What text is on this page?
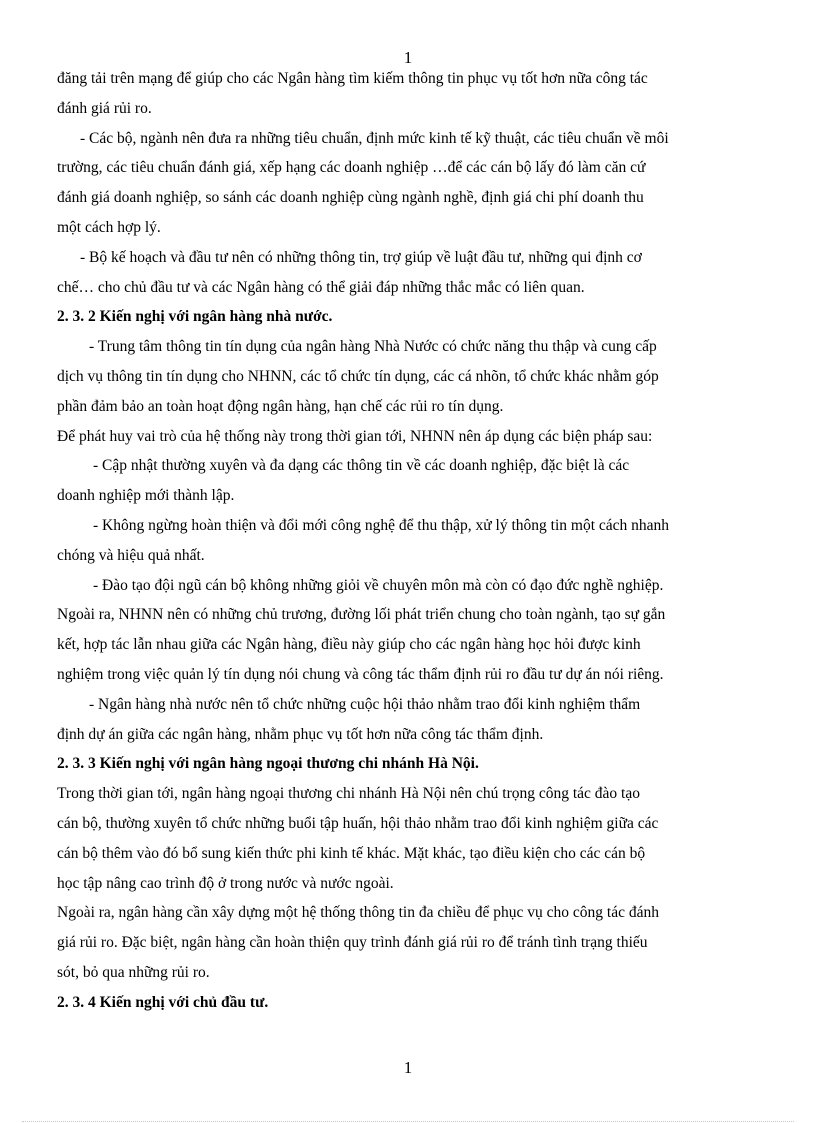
1
đăng tải trên mạng để giúp cho các Ngân hàng tìm kiếm thông tin phục vụ tốt hơn nữa công tác
đánh giá rủi ro.
- Các bộ, ngành nên đưa ra những tiêu chuẩn, định mức kinh tế kỹ thuật, các tiêu chuẩn về môi
trường, các tiêu chuẩn đánh giá, xếp hạng các doanh nghiệp …để các cán bộ lấy đó làm căn cứ
đánh giá doanh nghiệp, so sánh các doanh nghiệp cùng ngành nghề, định giá chi phí doanh thu
một cách hợp lý.
- Bộ kế hoạch và đầu tư nên có những thông tin, trợ giúp về luật đầu tư, những qui định cơ
chế… cho chủ đầu tư và các Ngân hàng có thể giải đáp những thắc mắc có liên quan.
2. 3. 2 Kiến nghị với ngân hàng nhà nước.
- Trung tâm thông tin tín dụng của ngân hàng Nhà Nước có chức năng thu thập và cung cấp
dịch vụ thông tin tín dụng cho NHNN, các tổ chức tín dụng, các cá nhõn, tổ chức khác nhằm góp
phần đảm bảo an toàn hoạt động ngân hàng, hạn chế các rủi ro tín dụng.
Để phát huy vai trò của hệ thống này trong thời gian tới, NHNN nên áp dụng các biện pháp sau:
- Cập nhật thường xuyên và đa dạng các thông tin về các doanh nghiệp, đặc biệt là các
doanh nghiệp mới thành lập.
- Không ngừng hoàn thiện và đổi mới công nghệ để thu thập, xử lý thông tin một cách nhanh
chóng và hiệu quả nhất.
- Đào tạo đội ngũ cán bộ không những giỏi về chuyên môn mà còn có đạo đức nghề nghiệp.
Ngoài ra, NHNN nên có những chủ trương, đường lối phát triển chung cho toàn ngành, tạo sự gắn
kết, hợp tác lẫn nhau giữa các Ngân hàng, điều này giúp cho các ngân hàng học hỏi được kinh
nghiệm trong việc quản lý tín dụng nói chung và công tác thẩm định rủi ro đầu tư dự án nói riêng.
- Ngân hàng nhà nước nên tổ chức những cuộc hội thảo nhằm trao đổi kinh nghiệm thẩm
định dự án giữa các ngân hàng, nhằm phục vụ tốt hơn nữa công tác thẩm định.
2. 3. 3 Kiến nghị với ngân hàng ngoại thương chi nhánh Hà Nội.
Trong thời gian tới, ngân hàng ngoại thương chi nhánh Hà Nội nên chú trọng công tác đào tạo
cán bộ, thường xuyên tổ chức những buổi tập huấn, hội thảo nhằm trao đổi kinh nghiệm giữa các
cán bộ thêm vào đó bổ sung kiến thức phi kinh tế khác. Mặt khác, tạo điều kiện cho các cán bộ
học tập nâng cao trình độ ở trong nước và nước ngoài.
Ngoài ra, ngân hàng cần xây dựng một hệ thống thông tin đa chiều để phục vụ cho công tác đánh
giá rủi ro. Đặc biệt, ngân hàng cần hoàn thiện quy trình đánh giá rủi ro để tránh tình trạng thiếu
sót, bỏ qua những rủi ro.
2. 3. 4 Kiến nghị với chủ đầu tư.
1
